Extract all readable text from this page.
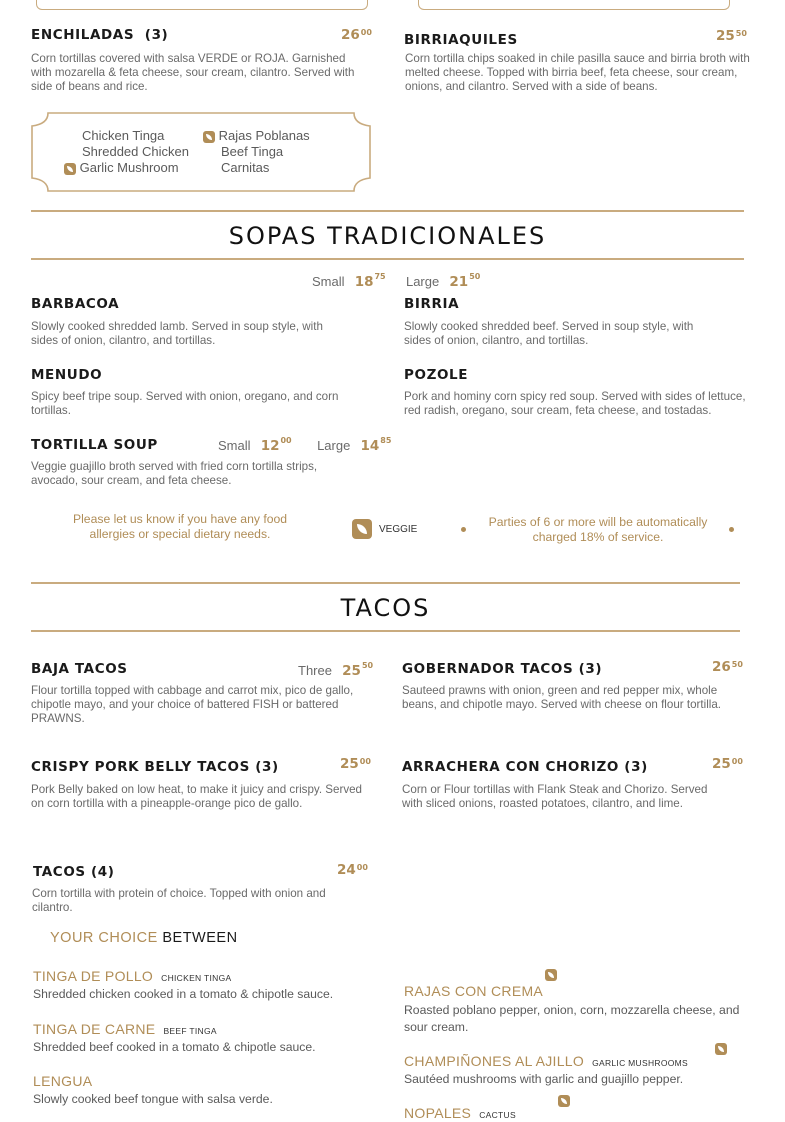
ENCHILADAS (3)	$26^{00}$
Corn tortillas covered with salsa VERDE or ROJA. Garnished with mozarella & feta cheese, sour cream, cilantro. Served with side of beans and rice.
Chicken Tinga
Shredded Chicken
Garlic Mushroom
Rajas Poblanas
Beef Tinga
Carnitas
BIRRIAQUILES	$25^{50}$
Corn tortilla chips soaked in chile pasilla sauce and birria broth with melted cheese. Topped with birria beef, feta cheese, sour cream, onions, and cilantro. Served with a side of beans.
SOPAS TRADICIONALES
Small $18^{75}$ Large $21^{50}$
BARBACOA
Slowly cooked shredded lamb. Served in soup style, with sides of onion, cilantro, and tortillas.
BIRRIA
Slowly cooked shredded beef. Served in soup style, with sides of onion, cilantro, and tortillas.
MENUDO
Spicy beef tripe soup. Served with onion, oregano, and corn tortillas.
POZOLE
Pork and hominy corn spicy red soup. Served with sides of lettuce, red radish, oregano, sour cream, feta cheese, and tostadas.
TORTILLA SOUP	Small $12^{00}$ Large $14^{85}$
Veggie guajillo broth served with fried corn tortilla strips, avocado, sour cream, and feta cheese.
Please let us know if you have any food allergies or special dietary needs.	VEGGIE	Parties of 6 or more will be automatically charged 18% of service.
TACOS
BAJA TACOS	Three $25^{50}$
Flour tortilla topped with cabbage and carrot mix, pico de gallo, chipotle mayo, and your choice of battered FISH or battered PRAWNS.
GOBERNADOR TACOS (3)	$26^{50}$
Sauteed prawns with onion, green and red pepper mix, whole beans, and chipotle mayo. Served with cheese on flour tortilla.
CRISPY PORK BELLY TACOS (3)	$25^{00}$
Pork Belly baked on low heat, to make it juicy and crispy. Served on corn tortilla with a pineapple-orange pico de gallo.
ARRACHERA CON CHORIZO (3)	$25^{00}$
Corn or Flour tortillas with Flank Steak and Chorizo. Served with sliced onions, roasted potatoes, cilantro, and lime.
TACOS (4)	$24^{00}$
Corn tortilla with protein of choice. Topped with onion and cilantro.
YOUR CHOICE BETWEEN
TINGA DE POLLO CHICKEN TINGA
Shredded chicken cooked in a tomato & chipotle sauce.
TINGA DE CARNE BEEF TINGA
Shredded beef cooked in a tomato & chipotle sauce.
LENGUA
Slowly cooked beef tongue with salsa verde.

RAJAS CON CREMA
Roasted poblano pepper, onion, corn, mozzarella cheese, and sour cream.

CHAMPIÑONES AL AJILLO GARLIC MUSHROOMS
Sautéed mushrooms with garlic and guajillo pepper.
NOPALES CACTUS
